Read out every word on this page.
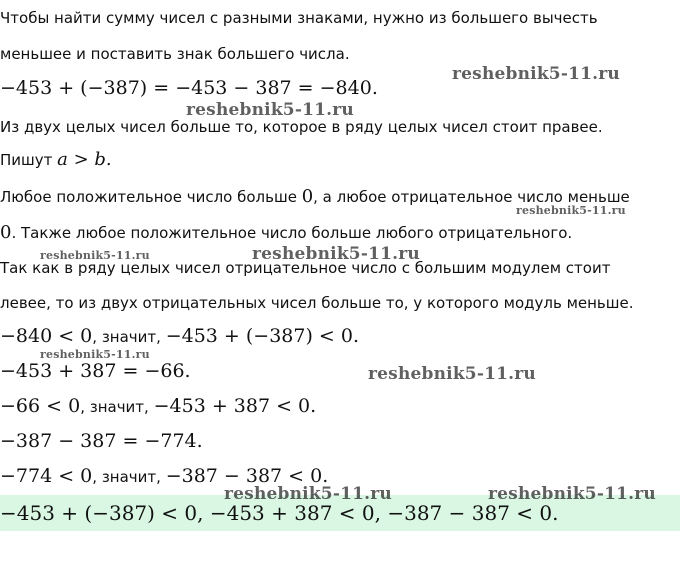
Чтобы найти сумму чисел с разными знаками, нужно из большего вычесть
меньшее и поставить знак большего числа.
−453 + (−387) = −453 − 387 = −840.
Из двух целых чисел больше то, которое в ряду целых чисел стоит правее.
Пишут a > b.
Любое положительное число больше 0, а любое отрицательное число меньше
0. Также любое положительное число больше любого отрицательного.
Так как в ряду целых чисел отрицательное число с большим модулем стоит
левее, то из двух отрицательных чисел больше то, у которого модуль меньше.
−840 < 0, значит, −453 + (−387) < 0.
−453 + 387 = −66.
−66 < 0, значит, −453 + 387 < 0.
−387 − 387 = −774.
−774 < 0, значит, −387 − 387 < 0.
−453 + (−387) < 0, −453 + 387 < 0, −387 − 387 < 0.
reshebnik5-11.ru
reshebnik5-11.ru
reshebnik5-11.ru
reshebnik5-11.ru	reshebnik5-11.ru
reshebnik5-11.ru
reshebnik5-11.ru
reshebnik5-11.ru	reshebnik5-11.ru
